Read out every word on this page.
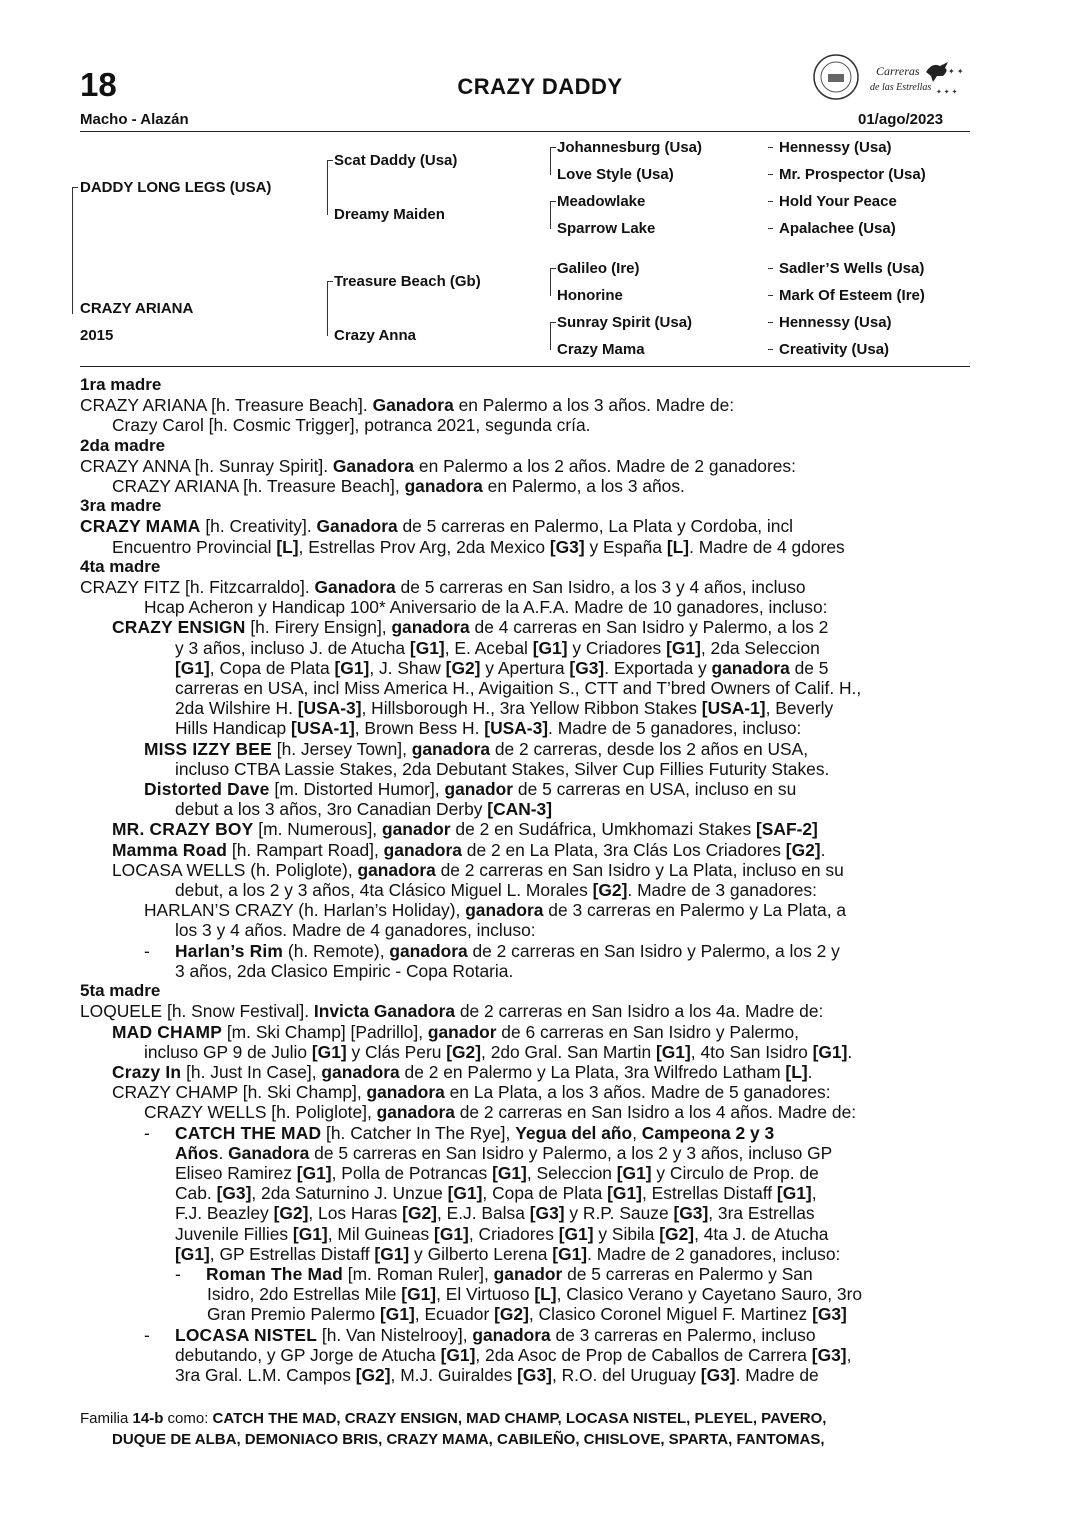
18	CRAZY DADDY
Carreras
de las Estrellas
✦ ✦
✦ ✦ ✦
Macho - Alazán	01/ago/2023
DADDY LONG LEGS (USA)
CRAZY ARIANA
2015
Scat Daddy (Usa)
Dreamy Maiden
Treasure Beach (Gb)
Crazy Anna
Johannesburg (Usa)
Love Style (Usa)
Meadowlake
Sparrow Lake
Galileo (Ire)
Honorine
Sunray Spirit (Usa)
Crazy Mama
Hennessy (Usa)
Mr. Prospector (Usa)
Hold Your Peace
Apalachee (Usa)
Sadler’S Wells (Usa)
Mark Of Esteem (Ire)
Hennessy (Usa)
Creativity (Usa)
1ra madre
CRAZY ARIANA [h. Treasure Beach]. Ganadora en Palermo a los 3 años. Madre de:
Crazy Carol [h. Cosmic Trigger], potranca 2021, segunda cría.
2da madre
CRAZY ANNA [h. Sunray Spirit]. Ganadora en Palermo a los 2 años. Madre de 2 ganadores:
CRAZY ARIANA [h. Treasure Beach], ganadora en Palermo, a los 3 años.
3ra madre
CRAZY MAMA [h. Creativity]. Ganadora de 5 carreras en Palermo, La Plata y Cordoba, incl
Encuentro Provincial [L], Estrellas Prov Arg, 2da Mexico [G3] y España [L]. Madre de 4 gdores
4ta madre
CRAZY FITZ [h. Fitzcarraldo]. Ganadora de 5 carreras en San Isidro, a los 3 y 4 años, incluso
Hcap Acheron y Handicap 100* Aniversario de la A.F.A. Madre de 10 ganadores, incluso:
CRAZY ENSIGN [h. Firery Ensign], ganadora de 4 carreras en San Isidro y Palermo, a los 2
y 3 años, incluso J. de Atucha [G1], E. Acebal [G1] y Criadores [G1], 2da Seleccion
[G1], Copa de Plata [G1], J. Shaw [G2] y Apertura [G3]. Exportada y ganadora de 5
carreras en USA, incl Miss America H., Avigaition S., CTT and T’bred Owners of Calif. H.,
2da Wilshire H. [USA-3], Hillsborough H., 3ra Yellow Ribbon Stakes [USA-1], Beverly
Hills Handicap [USA-1], Brown Bess H. [USA-3]. Madre de 5 ganadores, incluso:
MISS IZZY BEE [h. Jersey Town], ganadora de 2 carreras, desde los 2 años en USA,
incluso CTBA Lassie Stakes, 2da Debutant Stakes, Silver Cup Fillies Futurity Stakes.
Distorted Dave [m. Distorted Humor], ganador de 5 carreras en USA, incluso en su
debut a los 3 años, 3ro Canadian Derby [CAN-3]
MR. CRAZY BOY [m. Numerous], ganador de 2 en Sudáfrica, Umkhomazi Stakes [SAF-2]
Mamma Road [h. Rampart Road], ganadora de 2 en La Plata, 3ra Clás Los Criadores [G2].
LOCASA WELLS (h. Poliglote), ganadora de 2 carreras en San Isidro y La Plata, incluso en su
debut, a los 2 y 3 años, 4ta Clásico Miguel L. Morales [G2]. Madre de 3 ganadores:
HARLAN’S CRAZY (h. Harlan’s Holiday), ganadora de 3 carreras en Palermo y La Plata, a
los 3 y 4 años. Madre de 4 ganadores, incluso:
- Harlan’s Rim (h. Remote), ganadora de 2 carreras en San Isidro y Palermo, a los 2 y
3 años, 2da Clasico Empiric - Copa Rotaria.
5ta madre
LOQUELE [h. Snow Festival]. Invicta Ganadora de 2 carreras en San Isidro a los 4a. Madre de:
MAD CHAMP [m. Ski Champ] [Padrillo], ganador de 6 carreras en San Isidro y Palermo,
incluso GP 9 de Julio [G1] y Clás Peru [G2], 2do Gral. San Martin [G1], 4to San Isidro [G1].
Crazy In [h. Just In Case], ganadora de 2 en Palermo y La Plata, 3ra Wilfredo Latham [L].
CRAZY CHAMP [h. Ski Champ], ganadora en La Plata, a los 3 años. Madre de 5 ganadores:
CRAZY WELLS [h. Poliglote], ganadora de 2 carreras en San Isidro a los 4 años. Madre de:
- CATCH THE MAD [h. Catcher In The Rye], Yegua del año, Campeona 2 y 3
Años. Ganadora de 5 carreras en San Isidro y Palermo, a los 2 y 3 años, incluso GP
Eliseo Ramirez [G1], Polla de Potrancas [G1], Seleccion [G1] y Circulo de Prop. de
Cab. [G3], 2da Saturnino J. Unzue [G1], Copa de Plata [G1], Estrellas Distaff [G1],
F.J. Beazley [G2], Los Haras [G2], E.J. Balsa [G3] y R.P. Sauze [G3], 3ra Estrellas
Juvenile Fillies [G1], Mil Guineas [G1], Criadores [G1] y Sibila [G2], 4ta J. de Atucha
[G1], GP Estrellas Distaff [G1] y Gilberto Lerena [G1]. Madre de 2 ganadores, incluso:
- Roman The Mad [m. Roman Ruler], ganador de 5 carreras en Palermo y San
Isidro, 2do Estrellas Mile [G1], El Virtuoso [L], Clasico Verano y Cayetano Sauro, 3ro
Gran Premio Palermo [G1], Ecuador [G2], Clasico Coronel Miguel F. Martinez [G3]
- LOCASA NISTEL [h. Van Nistelrooy], ganadora de 3 carreras en Palermo, incluso
debutando, y GP Jorge de Atucha [G1], 2da Asoc de Prop de Caballos de Carrera [G3],
3ra Gral. L.M. Campos [G2], M.J. Guiraldes [G3], R.O. del Uruguay [G3]. Madre de
Familia 14-b como: CATCH THE MAD, CRAZY ENSIGN, MAD CHAMP, LOCASA NISTEL, PLEYEL, PAVERO,
DUQUE DE ALBA, DEMONIACO BRIS, CRAZY MAMA, CABILEÑO, CHISLOVE, SPARTA, FANTOMAS,
